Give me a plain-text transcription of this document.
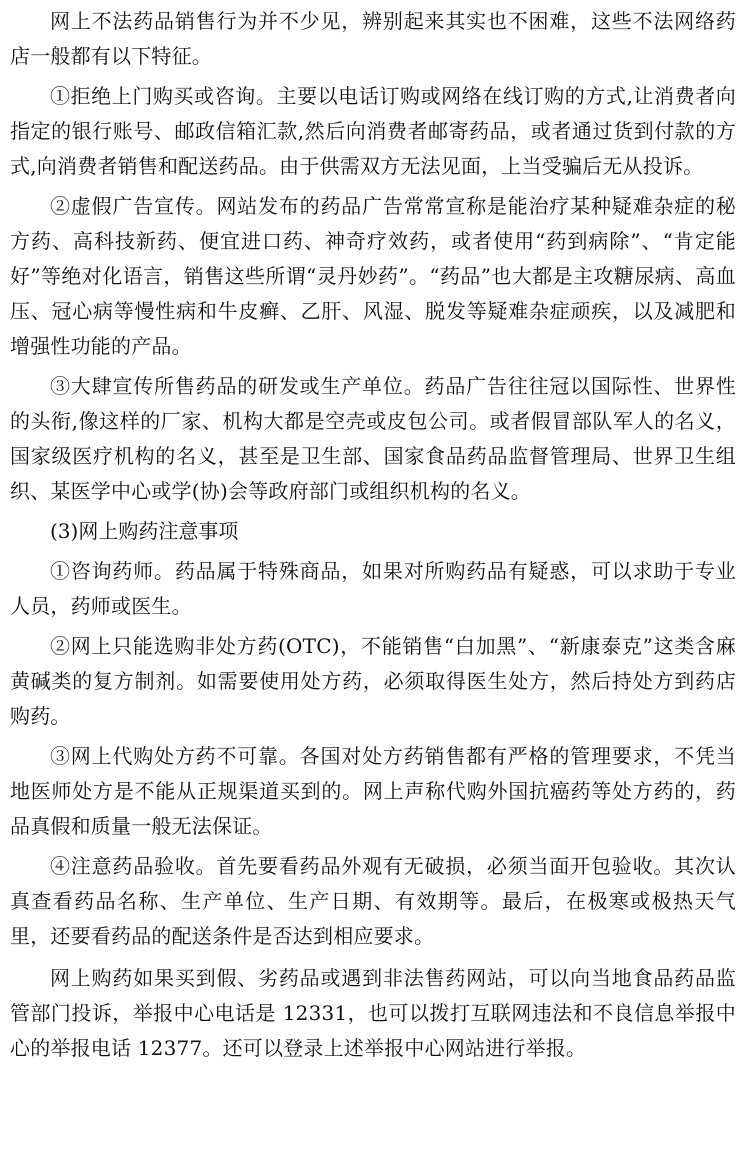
网上不法药品销售行为并不少见，辨别起来其实也不困难，这些不法网络药店一般都有以下特征。

①拒绝上门购买或咨询。主要以电话订购或网络在线订购的方式,让消费者向指定的银行账号、邮政信箱汇款,然后向消费者邮寄药品，或者通过货到付款的方式,向消费者销售和配送药品。由于供需双方无法见面，上当受骗后无从投诉。

②虚假广告宣传。网站发布的药品广告常常宣称是能治疗某种疑难杂症的秘方药、高科技新药、便宜进口药、神奇疗效药，或者使用“药到病除”、“肯定能好”等绝对化语言，销售这些所谓“灵丹妙药”。“药品”也大都是主攻糖尿病、高血压、冠心病等慢性病和牛皮癣、乙肝、风湿、脱发等疑难杂症顽疾，以及减肥和增强性功能的产品。

③大肆宣传所售药品的研发或生产单位。药品广告往往冠以国际性、世界性的头衔,像这样的厂家、机构大都是空壳或皮包公司。或者假冒部队军人的名义，国家级医疗机构的名义，甚至是卫生部、国家食品药品监督管理局、世界卫生组织、某医学中心或学(协)会等政府部门或组织机构的名义。

(3)网上购药注意事项

①咨询药师。药品属于特殊商品，如果对所购药品有疑惑，可以求助于专业人员，药师或医生。

②网上只能选购非处方药(OTC)，不能销售“白加黑”、“新康泰克”这类含麻黄碱类的复方制剂。如需要使用处方药，必须取得医生处方，然后持处方到药店购药。

③网上代购处方药不可靠。各国对处方药销售都有严格的管理要求，不凭当地医师处方是不能从正规渠道买到的。网上声称代购外国抗癌药等处方药的，药品真假和质量一般无法保证。

④注意药品验收。首先要看药品外观有无破损，必须当面开包验收。其次认真查看药品名称、生产单位、生产日期、有效期等。最后，在极寒或极热天气里，还要看药品的配送条件是否达到相应要求。

网上购药如果买到假、劣药品或遇到非法售药网站，可以向当地食品药品监管部门投诉，举报中心电话是 12331，也可以拨打互联网违法和不良信息举报中心的举报电话 12377。还可以登录上述举报中心网站进行举报。
